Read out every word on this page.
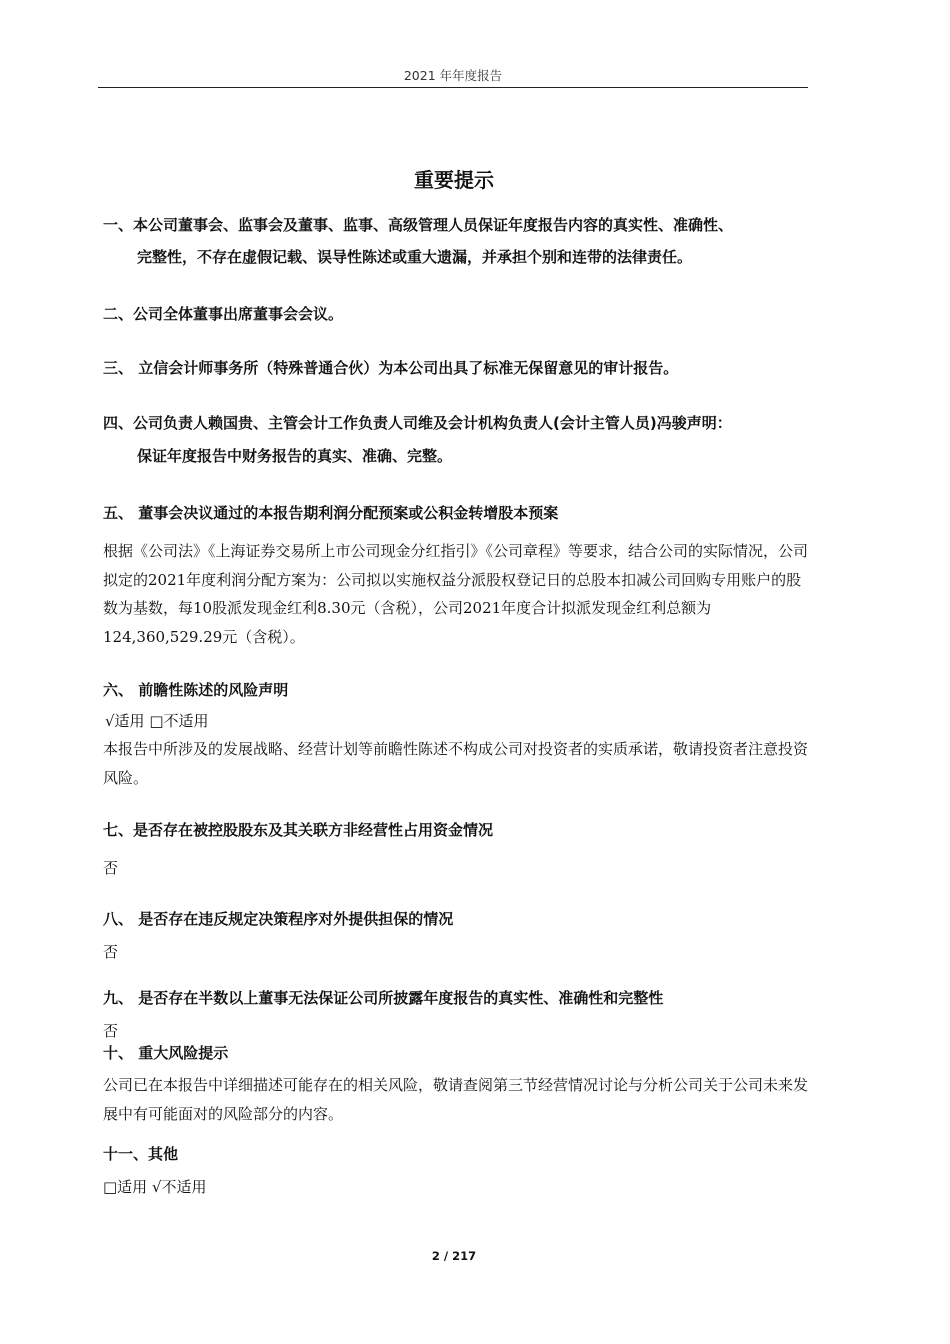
2021 年年度报告
重要提示
一、本公司董事会、监事会及董事、监事、高级管理人员保证年度报告内容的真实性、准确性、
完整性，不存在虚假记载、误导性陈述或重大遗漏，并承担个别和连带的法律责任。
二、公司全体董事出席董事会会议。
三、 立信会计师事务所（特殊普通合伙）为本公司出具了标准无保留意见的审计报告。
四、公司负责人赖国贵、主管会计工作负责人司维及会计机构负责人(会计主管人员)冯骏声明：
保证年度报告中财务报告的真实、准确、完整。
五、 董事会决议通过的本报告期利润分配预案或公积金转增股本预案
根据《公司法》《上海证券交易所上市公司现金分红指引》《公司章程》等要求，结合公司的实际情况，公司拟定的2021年度利润分配方案为：公司拟以实施权益分派股权登记日的总股本扣减公司回购专用账户的股数为基数，每10股派发现金红利8.30元（含税），公司2021年度合计拟派发现金红利总额为124,360,529.29元（含税）。
六、 前瞻性陈述的风险声明
√适用 □不适用
本报告中所涉及的发展战略、经营计划等前瞻性陈述不构成公司对投资者的实质承诺，敬请投资者注意投资风险。
七、是否存在被控股股东及其关联方非经营性占用资金情况
否
八、 是否存在违反规定决策程序对外提供担保的情况
否
九、 是否存在半数以上董事无法保证公司所披露年度报告的真实性、准确性和完整性
否
十、 重大风险提示
公司已在本报告中详细描述可能存在的相关风险，敬请查阅第三节经营情况讨论与分析公司关于公司未来发展中有可能面对的风险部分的内容。
十一、其他
□适用 √不适用
2 / 217
